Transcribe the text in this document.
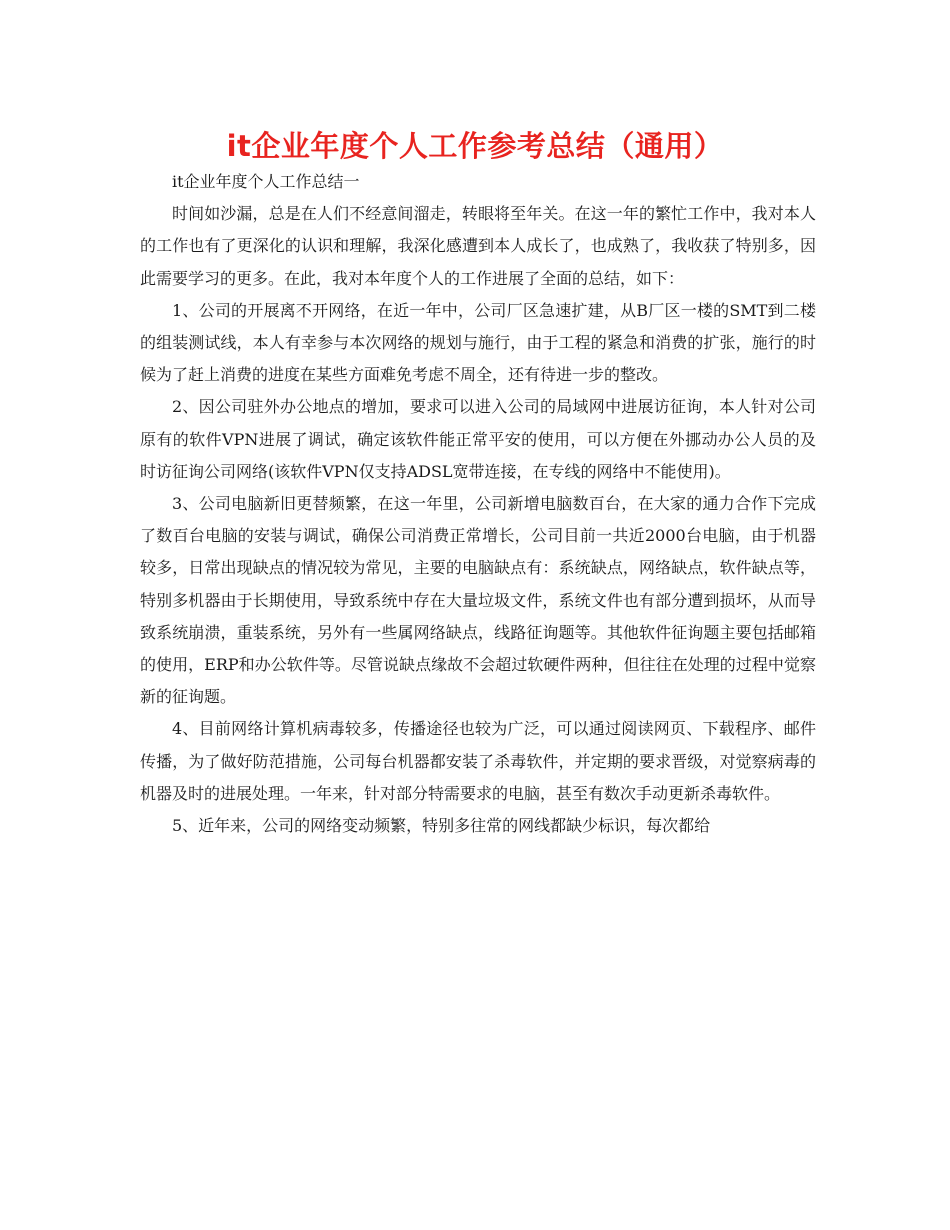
it企业年度个人工作参考总结（通用）

it企业年度个人工作总结一

时间如沙漏，总是在人们不经意间溜走，转眼将至年关。在这一年的繁忙工作中，我对本人的工作也有了更深化的认识和理解，我深化感遭到本人成长了，也成熟了，我收获了特别多，因此需要学习的更多。在此，我对本年度个人的工作进展了全面的总结，如下：

1、公司的开展离不开网络，在近一年中，公司厂区急速扩建，从B厂区一楼的SMT到二楼的组装测试线，本人有幸参与本次网络的规划与施行，由于工程的紧急和消费的扩张，施行的时候为了赶上消费的进度在某些方面难免考虑不周全，还有待进一步的整改。

2、因公司驻外办公地点的增加，要求可以进入公司的局域网中进展访征询，本人针对公司原有的软件VPN进展了调试，确定该软件能正常平安的使用，可以方便在外挪动办公人员的及时访征询公司网络(该软件VPN仅支持ADSL宽带连接，在专线的网络中不能使用)。

3、公司电脑新旧更替频繁，在这一年里，公司新增电脑数百台，在大家的通力合作下完成了数百台电脑的安装与调试，确保公司消费正常增长，公司目前一共近2000台电脑，由于机器较多，日常出现缺点的情况较为常见，主要的电脑缺点有：系统缺点，网络缺点，软件缺点等，特别多机器由于长期使用，导致系统中存在大量垃圾文件，系统文件也有部分遭到损坏，从而导致系统崩溃，重装系统，另外有一些属网络缺点，线路征询题等。其他软件征询题主要包括邮箱的使用，ERP和办公软件等。尽管说缺点缘故不会超过软硬件两种，但往往在处理的过程中觉察新的征询题。

4、目前网络计算机病毒较多，传播途径也较为广泛，可以通过阅读网页、下载程序、邮件传播，为了做好防范措施，公司每台机器都安装了杀毒软件，并定期的要求晋级，对觉察病毒的机器及时的进展处理。一年来，针对部分特需要求的电脑，甚至有数次手动更新杀毒软件。

5、近年来，公司的网络变动频繁，特别多往常的网线都缺少标识，每次都给
